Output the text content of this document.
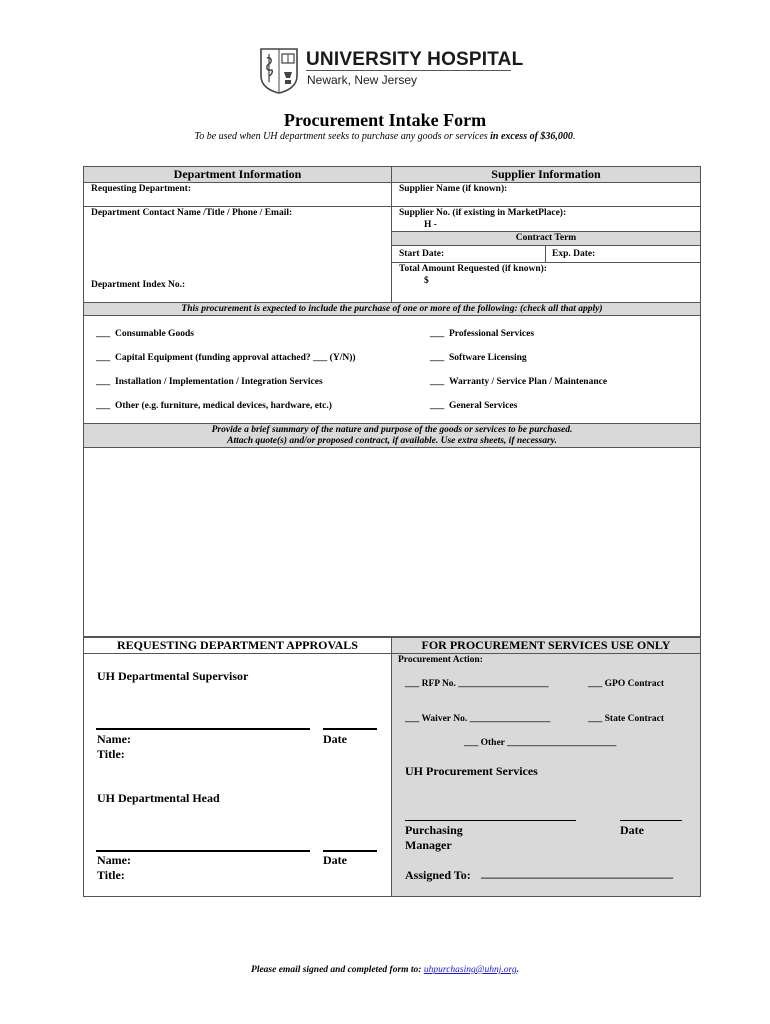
UNIVERSITY HOSPITAL
Newark, New Jersey
Procurement Intake Form
To be used when UH department seeks to purchase any goods or services in excess of $36,000.
Department Information	Supplier Information
Requesting Department:
Department Contact Name /Title / Phone / Email:
Department Index No.:
Supplier Name (if known):
Supplier No. (if existing in MarketPlace):
H -
Contract Term
Start Date:	Exp. Date:
Total Amount Requested (if known):
$
This procurement is expected to include the purchase of one or more of the following: (check all that apply)
___ Consumable Goods
___ Capital Equipment (funding approval attached? ___ (Y/N))
___ Installation / Implementation / Integration Services
___ Other (e.g. furniture, medical devices, hardware, etc.)
___ Professional Services
___ Software Licensing
___ Warranty / Service Plan / Maintenance
___ General Services
Provide a brief summary of the nature and purpose of the goods or services to be purchased.
Attach quote(s) and/or proposed contract, if available. Use extra sheets, if necessary.
REQUESTING DEPARTMENT APPROVALS	FOR PROCUREMENT SERVICES USE ONLY
UH Departmental Supervisor
Name:	Date
Title:
UH Departmental Head
Name:	Date
Title:
Procurement Action:
___ RFP No. ___________________	___ GPO Contract
___ Waiver No. _________________	___ State Contract
___ Other _______________________
UH Procurement Services
Purchasing
Manager
Date
Assigned To: ________________________________
Please email signed and completed form to: uhpurchasing@uhnj.org.
